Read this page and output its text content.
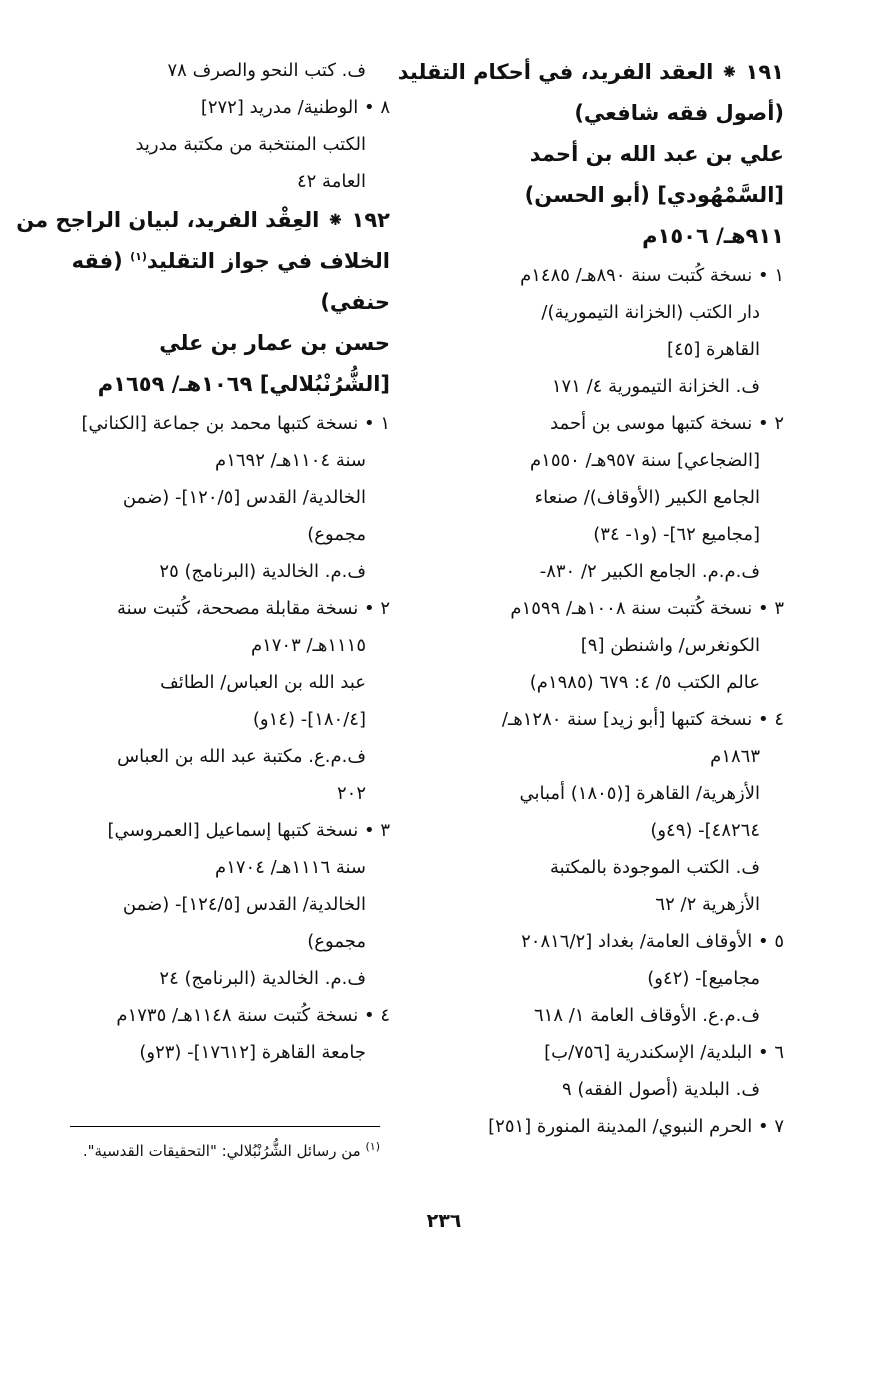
١٩١ ⁕ العقد الفريد، في أحكام التقليد
(أصول فقه شافعي)
علي بن عبد الله بن أحمد
[السَّمْهُودي] (أبو الحسن)
٩١١هـ/ ١٥٠٦م
١ • نسخة كُتبت سنة ٨٩٠هـ/ ١٤٨٥م
دار الكتب (الخزانة التيمورية)/
القاهرة [٤٥]
ف. الخزانة التيمورية ٤/ ١٧١
٢ • نسخة كتبها موسى بن أحمد
[الضجاعي] سنة ٩٥٧هـ/ ١٥٥٠م
الجامع الكبير (الأوقاف)/ صنعاء
[مجاميع ٦٢]- (و١- ٣٤)
ف.م.م. الجامع الكبير ٢/ ٨٣٠-
٣ • نسخة كُتبت سنة ١٠٠٨هـ/ ١٥٩٩م
الكونغرس/ واشنطن [٩]
عالم الكتب ٥/ ٤: ٦٧٩ (١٩٨٥م)
٤ • نسخة كتبها [أبو زيد] سنة ١٢٨٠هـ/
١٨٦٣م
الأزهرية/ القاهرة [(١٨٠٥) أمبابي
٤٨٢٦٤]- (٤٩و)
ف. الكتب الموجودة بالمكتبة
الأزهرية ٢/ ٦٢
٥ • الأوقاف العامة/ بغداد [٢٠٨١٦/٢
مجاميع]- (٤٢و)
ف.م.ع. الأوقاف العامة ١/ ٦١٨
٦ • البلدية/ الإسكندرية [٧٥٦/ب]
ف. البلدية (أصول الفقه) ٩
٧ • الحرم النبوي/ المدينة المنورة [٢٥١]
ف. كتب النحو والصرف ٧٨
٨ • الوطنية/ مدريد [٢٧٢]
الكتب المنتخبة من مكتبة مدريد
العامة ٤٢
١٩٢ ⁕ العِقْد الفريد، لبيان الراجح من
الخلاف في جواز التقليد$^{(١)}$ (فقه
حنفي)
حسن بن عمار بن علي
[الشُّرُنْبُلالي] ١٠٦٩هـ/ ١٦٥٩م
١ • نسخة كتبها محمد بن جماعة [الكناني]
سنة ١١٠٤هـ/ ١٦٩٢م
الخالدية/ القدس [١٢٠/٥]- (ضمن
مجموع)
ف.م. الخالدية (البرنامج) ٢٥
٢ • نسخة مقابلة مصححة، كُتبت سنة
١١١٥هـ/ ١٧٠٣م
عبد الله بن العباس/ الطائف
[١٨٠/٤]- (١٤و)
ف.م.ع. مكتبة عبد الله بن العباس
٢٠٢
٣ • نسخة كتبها إسماعيل [العمروسي]
سنة ١١١٦هـ/ ١٧٠٤م
الخالدية/ القدس [١٢٤/٥]- (ضمن
مجموع)
ف.م. الخالدية (البرنامج) ٢٤
٤ • نسخة كُتبت سنة ١١٤٨هـ/ ١٧٣٥م
جامعة القاهرة [١٧٦١٢]- (٢٣و)
$^{(١)}$ من رسائل الشُّرُنْبُلالي: "التحقيقات القدسية".
٢٣٦
